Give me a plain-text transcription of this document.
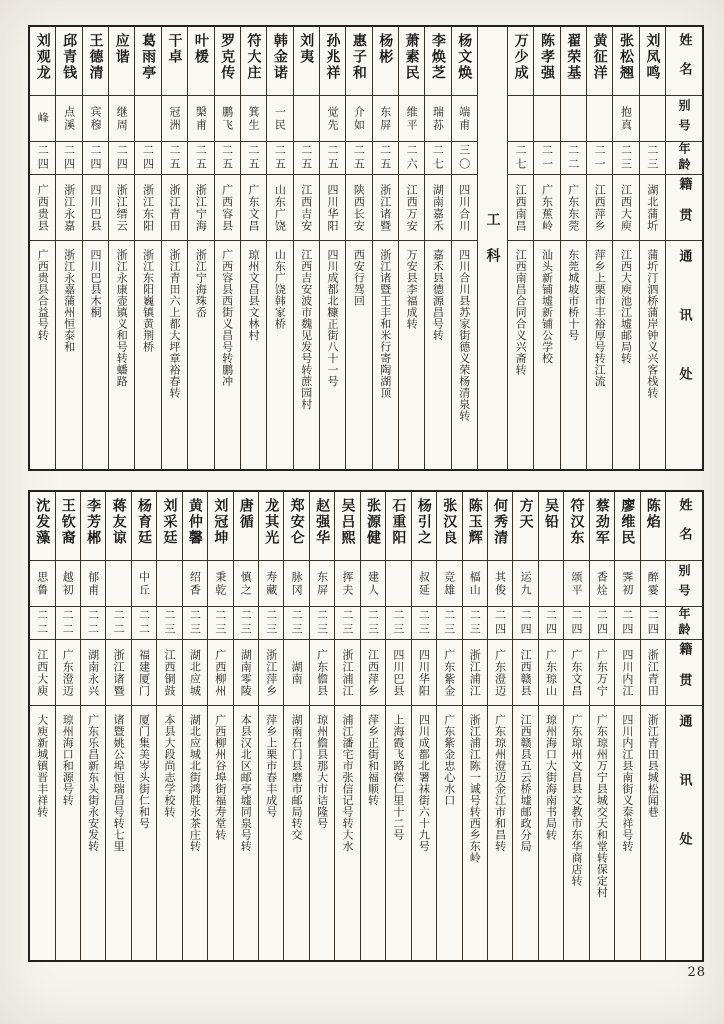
姓名
别号
年龄
籍贯
通讯处
刘凤鸣
二三
湖北蒲圻
蒲圻汀泗桥蒲岸钟义兴客栈转
张松翘
抱真
二三
江西大庾
江西大庾池江墟邮局转
黄征洋
二一
江西萍乡
萍乡上栗市丰裕厚号转江流
翟荣基
二二
广东东莞
东莞城坡市桥十号
陈孝强
二一
广东蕉岭
汕头新铺墟新铺公学校
万少成
二七
江西南昌
江西南昌合同合义兴斋转
工科
杨文焕
端甫
三〇
四川合川
四川合川县苏家街德义荣杨清泉转
李焕芝
瑞荪
二七
湖南嘉禾
嘉禾县德源昌号转
萧素民
维平
二六
江西万安
万安县李福成转
杨彬
东屏
二五
浙江诸暨
浙江诸暨王丰和米行寄陶湖顶
惠子和
介如
二五
陕西长安
西安行驾回
孙兆祥
觉先
二五
四川华阳
四川成都北糠正街八十一号
刘夷
二五
江西吉安
江西吉安波市魏见发号转蔗园村
韩金诺
一民
二五
山东广饶
山东广饶韩家桥
符大庄
箕生
二五
广东文昌
琼州文昌县文林村
罗克传
鹏飞
二五
广西容县
广西容县西街义昌号转鹏冲
叶楥
槃甫
二五
浙江宁海
浙江宁海珠岙
干卓
冠洲
二五
浙江青田
浙江青田六上都大坪章裕春转
葛雨亭
二四
浙江东阳
浙江东阳巍镇黄荆桥
应谐
继周
二四
浙江缙云
浙江永康壶镇义和号转蟠路
王德清
宾穆
二四
四川巴县
四川巴县木桐
邱青钱
点溪
二四
浙江永嘉
浙江永嘉蒲州恒泰和
刘观龙
峰
二四
广西贵县
广西贵县合益号转
姓名
别号
年龄
籍贯
通讯处
陈焰
醉霎
二四
浙江青田
浙江青田县城松闻巷
廖维民
霁初
二四
四川内江
四川内江县南街义泰祥号转
蔡劲军
香烇
二四
广东万宁
广东琼州万宁县城交天和堂转保定村
符汉东
颂平
二四
广东文昌
广东琼州文昌县文教市东华商店转
吴铅
二四
广东琼山
琼州海口大街海南书局转
方天
运九
二四
江西赣县
江西赣县五云桥墟邮政分局
何秀清
其俊
二四
广东澄迈
广东琼州澄迈金江市和昌转
陈玉辉
楅山
二三
浙江浦江
浙江浦江陈一诚号转西乡东岭
张汉良
竞雄
二三
广东紫金
广东紫金忠心水口
杨引之
叔延
二三
四川华阳
四川成都北署袜街六十九号
石重阳
二三
四川巴县
上海霞飞路葆仁里十二号
张源健
建人
二三
江西萍乡
萍乡正街和福顺转
吴吕熙
挥夫
二三
浙江浦江
浦江潘宅市张信记号转大水
赵强华
东屏
二三
广东儋县
琼州儋县那大市诘隆号
郑安仑
脉冈
二三
湖南
湖南石门县磨市邮局转交
龙其光
寿藏
二三
浙江萍乡
萍乡上栗市春丰成号
唐循
慎之
二三
湖南零陵
本县汉北区邮亭墟同泉号转
刘冠坤
秉乾
二三
广西柳州
广西柳州谷埠街福寿堂转
黄仲馨
绍香
二三
湖北应城
湖北应城北街鸿胜永茶庄转
刘采廷
二三
江西铜鼓
本县大段尚志学校转
杨育廷
中丘
二二
福建厦门
厦门集美岑头街仁和号
蒋友谅
二二
浙江诸暨
诸暨姚公埠恒瑞昌号转七里
李芳郴
郁甫
二二
湖南永兴
广东乐昌新东头街永安发转
王钦裔
越初
二二
广东澄迈
琼州海口和源号转
沈发藻
思鲁
二二
江西大庾
大庾新城镇晋丰祥转
28
